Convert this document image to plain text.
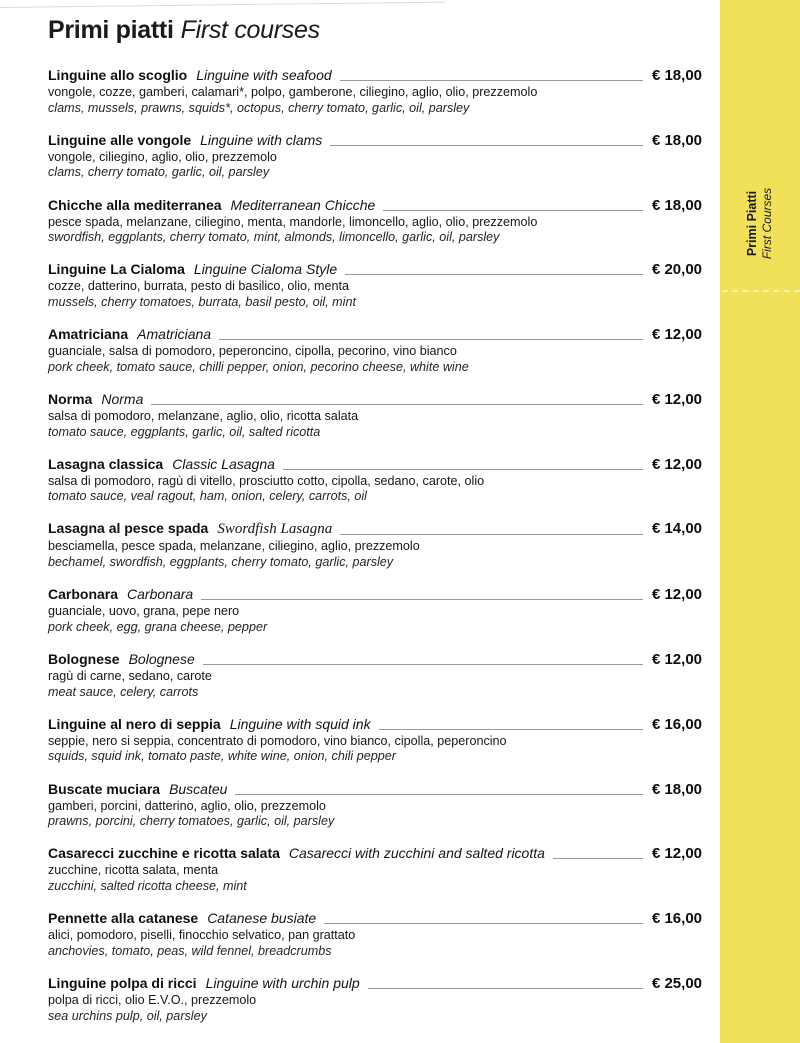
Primi piatti First courses
Linguine allo scoglio Linguine with seafood	€ 18,00
vongole, cozze, gamberi, calamari*, polpo, gamberone, ciliegino, aglio, olio, prezzemolo
clams, mussels, prawns, squids*, octopus, cherry tomato, garlic, oil, parsley
Linguine alle vongole Linguine with clams	€ 18,00
vongole, ciliegino, aglio, olio, prezzemolo
clams, cherry tomato, garlic, oil, parsley
Chicche alla mediterranea Mediterranean Chicche	€ 18,00
pesce spada, melanzane, ciliegino, menta, mandorle, limoncello, aglio, olio, prezzemolo
swordfish, eggplants, cherry tomato, mint, almonds, limoncello, garlic, oil, parsley
Linguine La Cialoma Linguine Cialoma Style	€ 20,00
cozze, datterino, burrata, pesto di basilico, olio, menta
mussels, cherry tomatoes, burrata, basil pesto, oil, mint
Amatriciana Amatriciana	€ 12,00
guanciale, salsa di pomodoro, peperoncino, cipolla, pecorino, vino bianco
pork cheek, tomato sauce, chilli pepper, onion, pecorino cheese, white wine
Norma Norma	€ 12,00
salsa di pomodoro, melanzane, aglio, olio, ricotta salata
tomato sauce, eggplants, garlic, oil, salted ricotta
Lasagna classica Classic Lasagna	€ 12,00
salsa di pomodoro, ragù di vitello, prosciutto cotto, cipolla, sedano, carote, olio
tomato sauce, veal ragout, ham, onion, celery, carrots, oil
Lasagna al pesce spada Swordfish Lasagna	€ 14,00
besciamella, pesce spada, melanzane, ciliegino, aglio, prezzemolo
bechamel, swordfish, eggplants, cherry tomato, garlic, parsley
Carbonara Carbonara	€ 12,00
guanciale, uovo, grana, pepe nero
pork cheek, egg, grana cheese, pepper
Bolognese Bolognese	€ 12,00
ragù di carne, sedano, carote
meat sauce, celery, carrots
Linguine al nero di seppia Linguine with squid ink	€ 16,00
seppie, nero si seppia, concentrato di pomodoro, vino bianco, cipolla, peperoncino
squids, squid ink, tomato paste, white wine, onion, chili pepper
Buscate muciara Buscateu	€ 18,00
gamberi, porcini, datterino, aglio, olio, prezzemolo
prawns, porcini, cherry tomatoes, garlic, oil, parsley
Casarecci zucchine e ricotta salata Casarecci with zucchini and salted ricotta	€ 12,00
zucchine, ricotta salata, menta
zucchini, salted ricotta cheese, mint
Pennette alla catanese Catanese busiate	€ 16,00
alici, pomodoro, piselli, finocchio selvatico, pan grattato
anchovies, tomato, peas, wild fennel, breadcrumbs
Linguine polpa di ricci Linguine with urchin pulp	€ 25,00
polpa di ricci, olio E.V.O., prezzemolo
sea urchins pulp, oil, parsley
Primi Piatti First Courses
